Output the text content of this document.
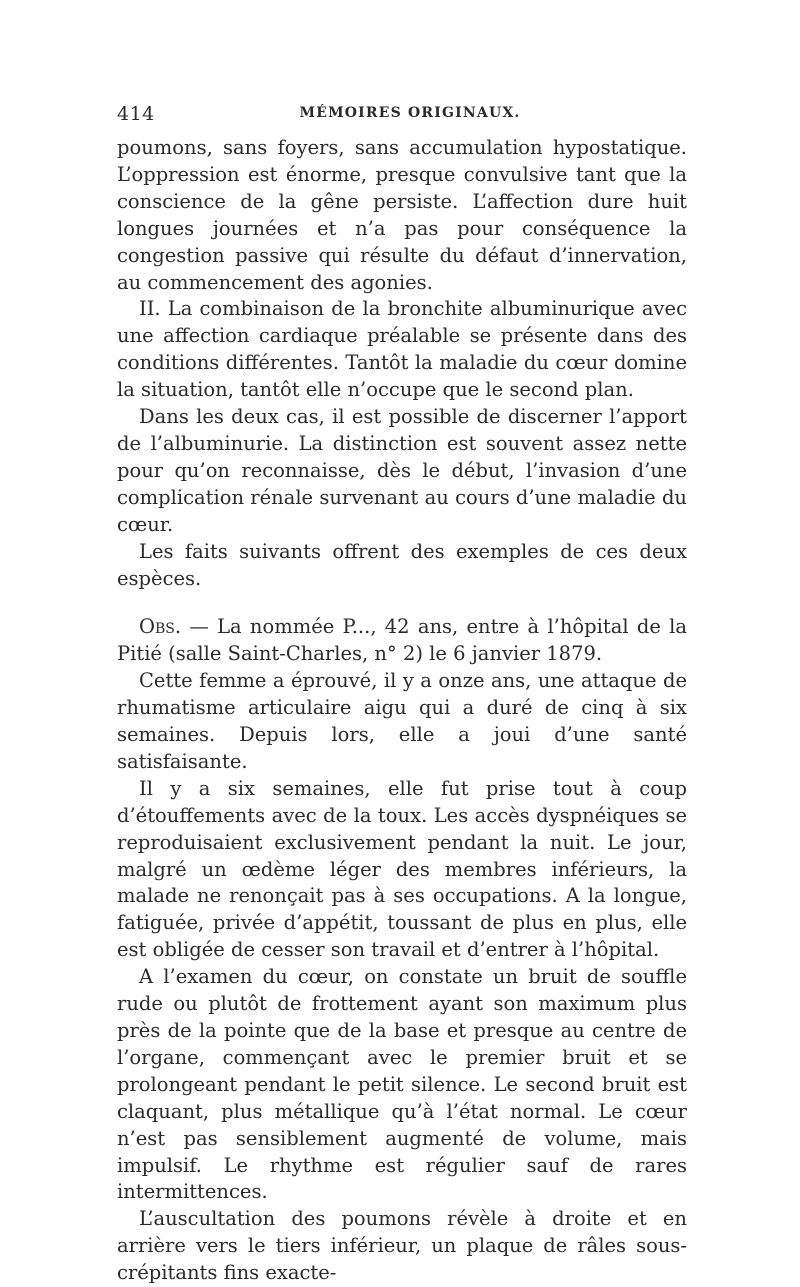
414	MÉMOIRES ORIGINAUX.

poumons, sans foyers, sans accumulation hypostatique. L’oppression est énorme, presque convulsive tant que la conscience de la gêne persiste. L’affection dure huit longues journées et n’a pas pour conséquence la congestion passive qui résulte du défaut d’innervation, au commencement des agonies.

II. La combinaison de la bronchite albuminurique avec une affection cardiaque préalable se présente dans des conditions différentes. Tantôt la maladie du cœur domine la situation, tantôt elle n’occupe que le second plan.

Dans les deux cas, il est possible de discerner l’apport de l’albuminurie. La distinction est souvent assez nette pour qu’on reconnaisse, dès le début, l’invasion d’une complication rénale survenant au cours d’une maladie du cœur.

Les faits suivants offrent des exemples de ces deux espèces.

Obs. — La nommée P..., 42 ans, entre à l’hôpital de la Pitié (salle Saint-Charles, n° 2) le 6 janvier 1879.

Cette femme a éprouvé, il y a onze ans, une attaque de rhumatisme articulaire aigu qui a duré de cinq à six semaines. Depuis lors, elle a joui d’une santé satisfaisante.

Il y a six semaines, elle fut prise tout à coup d’étouffements avec de la toux. Les accès dyspnéiques se reproduisaient exclusivement pendant la nuit. Le jour, malgré un œdème léger des membres inférieurs, la malade ne renonçait pas à ses occupations. A la longue, fatiguée, privée d’appétit, toussant de plus en plus, elle est obligée de cesser son travail et d’entrer à l’hôpital.

A l’examen du cœur, on constate un bruit de souffle rude ou plutôt de frottement ayant son maximum plus près de la pointe que de la base et presque au centre de l’organe, commençant avec le premier bruit et se prolongeant pendant le petit silence. Le second bruit est claquant, plus métallique qu’à l’état normal. Le cœur n’est pas sensiblement augmenté de volume, mais impulsif. Le rhythme est régulier sauf de rares intermittences.

L’auscultation des poumons révèle à droite et en arrière vers le tiers inférieur, un plaque de râles sous-crépitants fins exacte-
